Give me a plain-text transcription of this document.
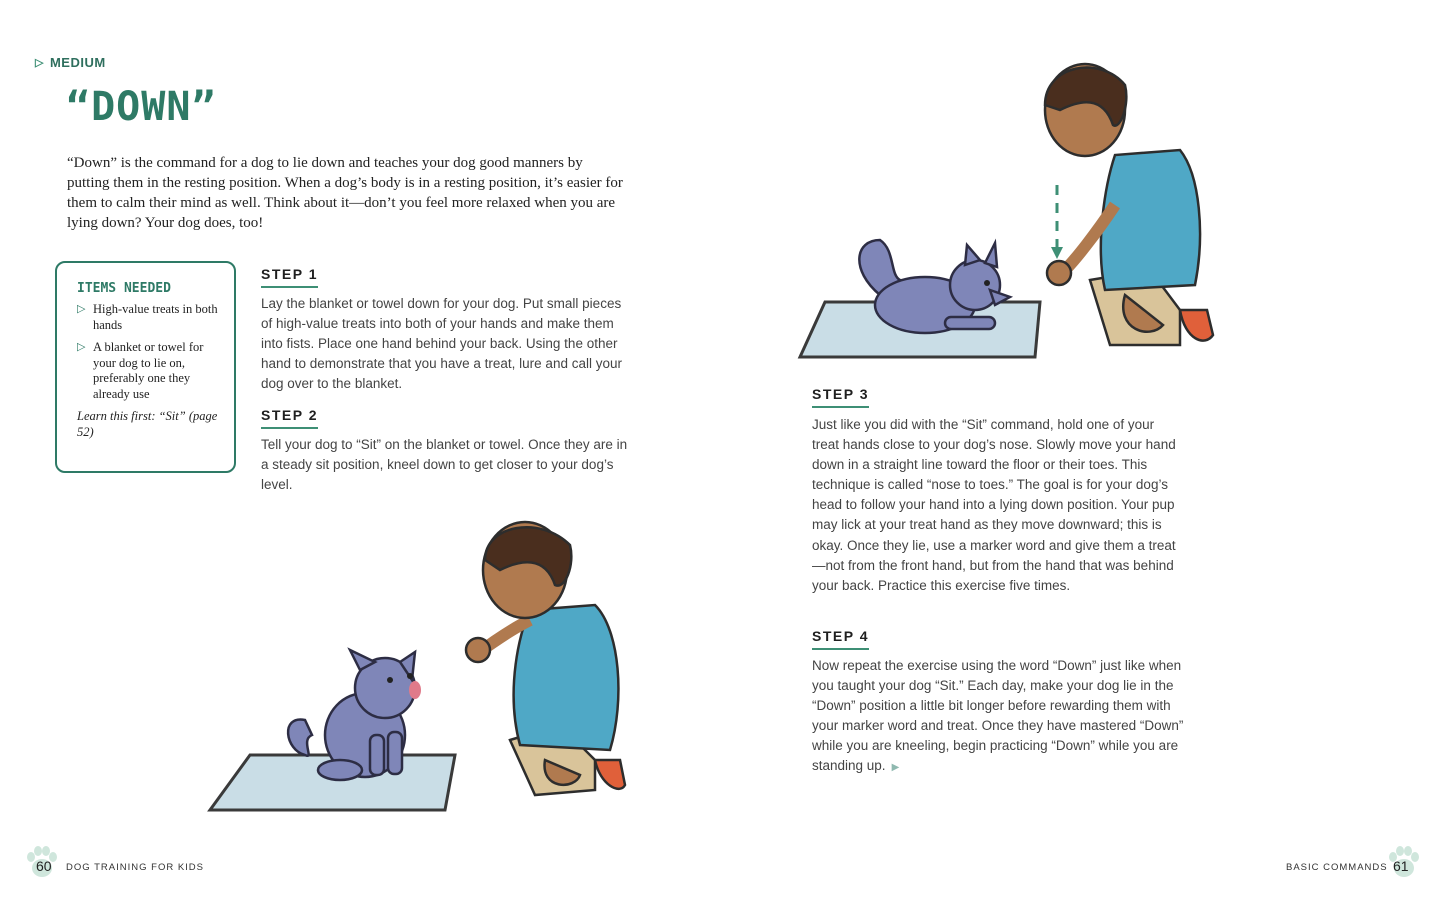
▷ MEDIUM
“DOWN”

“Down” is the command for a dog to lie down and teaches your dog good manners by putting them in the resting position. When a dog’s body is in a resting position, it’s easier for them to calm their mind as well. Think about it—don’t you feel more relaxed when you are lying down? Your dog does, too!

ITEMS NEEDED
▷ High-value treats in both hands
▷ A blanket or towel for your dog to lie on, preferably one they already use
Learn this first: “Sit” (page 52)
STEP 1

Lay the blanket or towel down for your dog. Put small pieces of high-value treats into both of your hands and make them into fists. Place one hand behind your back. Using the other hand to demonstrate that you have a treat, lure and call your dog over to the blanket.

STEP 2

Tell your dog to “Sit” on the blanket or towel. Once they are in a steady sit position, kneel down to get closer to your dog’s level.

STEP 3

Just like you did with the “Sit” command, hold one of your treat hands close to your dog’s nose. Slowly move your hand down in a straight line toward the floor or their toes. This technique is called “nose to toes.” The goal is for your dog’s head to follow your hand into a lying down position. Your pup may lick at your treat hand as they move downward; this is okay. Once they lie, use a marker word and give them a treat—not from the front hand, but from the hand that was behind your back. Practice this exercise five times.

STEP 4

Now repeat the exercise using the word “Down” just like when you taught your dog “Sit.” Each day, make your dog lie in the “Down” position a little bit longer before rewarding them with your marker word and treat. Once they have mastered “Down” while you are kneeling, begin practicing “Down” while you are standing up. ▶

60 DOG TRAINING FOR KIDS	BASIC COMMANDS 61
